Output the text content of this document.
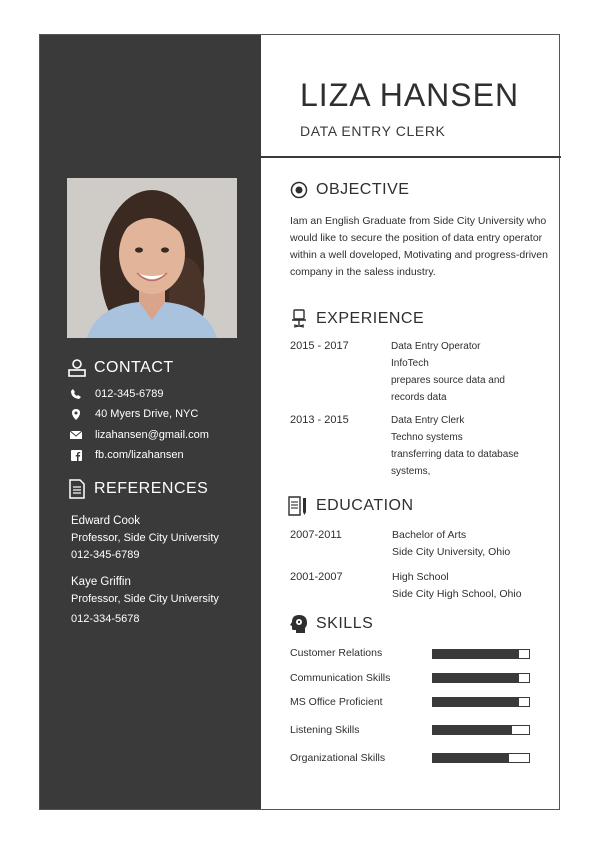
CONTACT
012-345-6789
40 Myers Drive, NYC
lizahansen@gmail.com
fb.com/lizahansen
REFERENCES
Edward Cook
Professor, Side City University
012-345-6789
Kaye Griffin
Professor, Side City University
012-334-5678
LIZA HANSEN
DATA ENTRY CLERK
OBJECTIVE
Iam an English Graduate from Side City University who would like to secure the position of data entry operator within a well doveloped, Motivating and progress-driven company in the saless industry.
EXPERIENCE
2015 - 2017	Data Entry Operator
InfoTech
prepares source data and
records data
2013 - 2015	Data Entry Clerk
Techno systems
transferring data to database
systems,
EDUCATION
2007-2011	Bachelor of Arts
Side City University, Ohio
2001-2007	High School
Side City High School, Ohio
SKILLS
Customer Relations
Communication Skills
MS Office Proficient
Listening Skills
Organizational Skills
